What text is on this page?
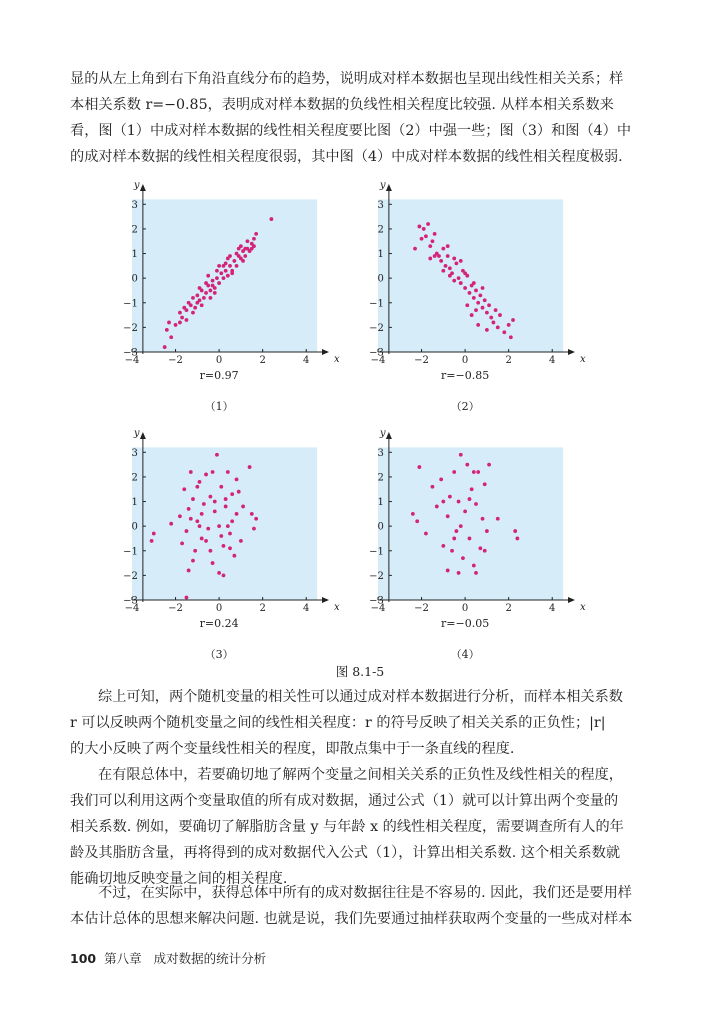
显的从左上角到右下角沿直线分布的趋势，说明成对样本数据也呈现出线性相关关系；样
本相关系数 r=−0.85，表明成对样本数据的负线性相关程度比较强. 从样本相关系数来
看，图（1）中成对样本数据的线性相关程度要比图（2）中强一些；图（3）和图（4）中
的成对样本数据的线性相关程度很弱，其中图（4）中成对样本数据的线性相关程度极弱.
−4	−2	0	2	4
−3
−2
−1
0
1
2
3
x
y
r=0.97
（1）
−4	−2	0	2	4
−3
−2
−1
0
1
2
3
x
y
r=−0.85
（2）
−4	−2	0	2	4
−3
−2
−1
0
1
2
3
x
y
r=0.24
（3）
−4	−2	0	2	4
−3
−2
−1
0
1
2
3
x
y
r=−0.05
（4）
图 8.1-5
综上可知，两个随机变量的相关性可以通过成对样本数据进行分析，而样本相关系数
r 可以反映两个随机变量之间的线性相关程度：r 的符号反映了相关关系的正负性；|r|
的大小反映了两个变量线性相关的程度，即散点集中于一条直线的程度.
在有限总体中，若要确切地了解两个变量之间相关关系的正负性及线性相关的程度，
我们可以利用这两个变量取值的所有成对数据，通过公式（1）就可以计算出两个变量的
相关系数. 例如，要确切了解脂肪含量 y 与年龄 x 的线性相关程度，需要调查所有人的年
龄及其脂肪含量，再将得到的成对数据代入公式（1），计算出相关系数. 这个相关系数就
能确切地反映变量之间的相关程度.
不过，在实际中，获得总体中所有的成对数据往往是不容易的. 因此，我们还是要用样
本估计总体的思想来解决问题. 也就是说，我们先要通过抽样获取两个变量的一些成对样本
100 第八章 成对数据的统计分析
